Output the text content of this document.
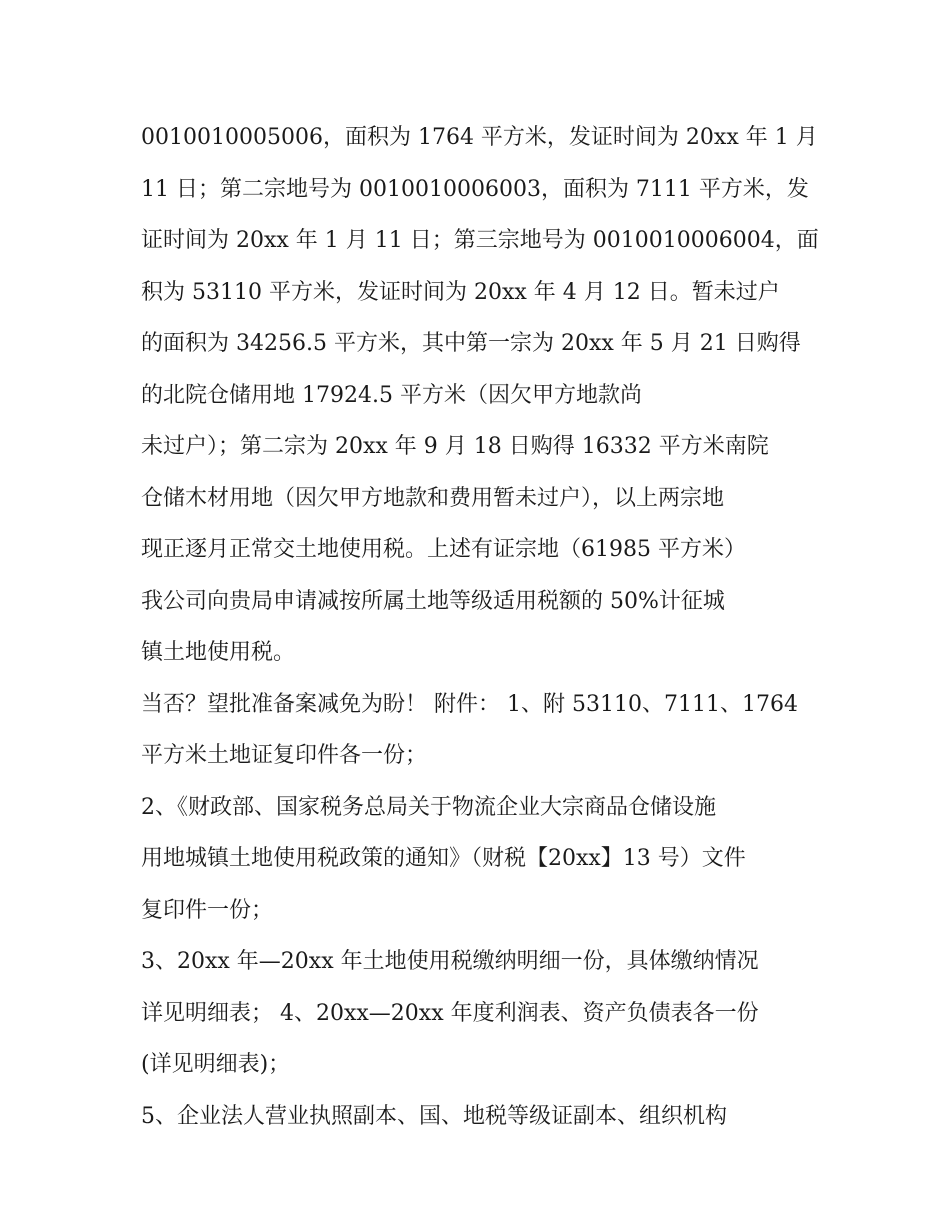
0010010005006，面积为 1764 平方米，发证时间为 20xx 年 1 月
11 日；第二宗地号为 0010010006003，面积为 7111 平方米，发
证时间为 20xx 年 1 月 11 日；第三宗地号为 0010010006004，面
积为 53110 平方米，发证时间为 20xx 年 4 月 12 日。暂未过户
的面积为 34256.5 平方米，其中第一宗为 20xx 年 5 月 21 日购得
的北院仓储用地 17924.5 平方米（因欠甲方地款尚
未过户）；第二宗为 20xx 年 9 月 18 日购得 16332 平方米南院
仓储木材用地（因欠甲方地款和费用暂未过户），以上两宗地
现正逐月正常交土地使用税。上述有证宗地（61985 平方米）
我公司向贵局申请减按所属土地等级适用税额的 50%计征城
镇土地使用税。
当否？望批准备案减免为盼！ 附件： 1、附 53110、7111、1764
平方米土地证复印件各一份；
2、《财政部、国家税务总局关于物流企业大宗商品仓储设施
用地城镇土地使用税政策的通知》（财税【20xx】13 号）文件
复印件一份；
3、20xx 年—20xx 年土地使用税缴纳明细一份，具体缴纳情况
详见明细表； 4、20xx—20xx 年度利润表、资产负债表各一份
(详见明细表)；
5、企业法人营业执照副本、国、地税等级证副本、组织机构
